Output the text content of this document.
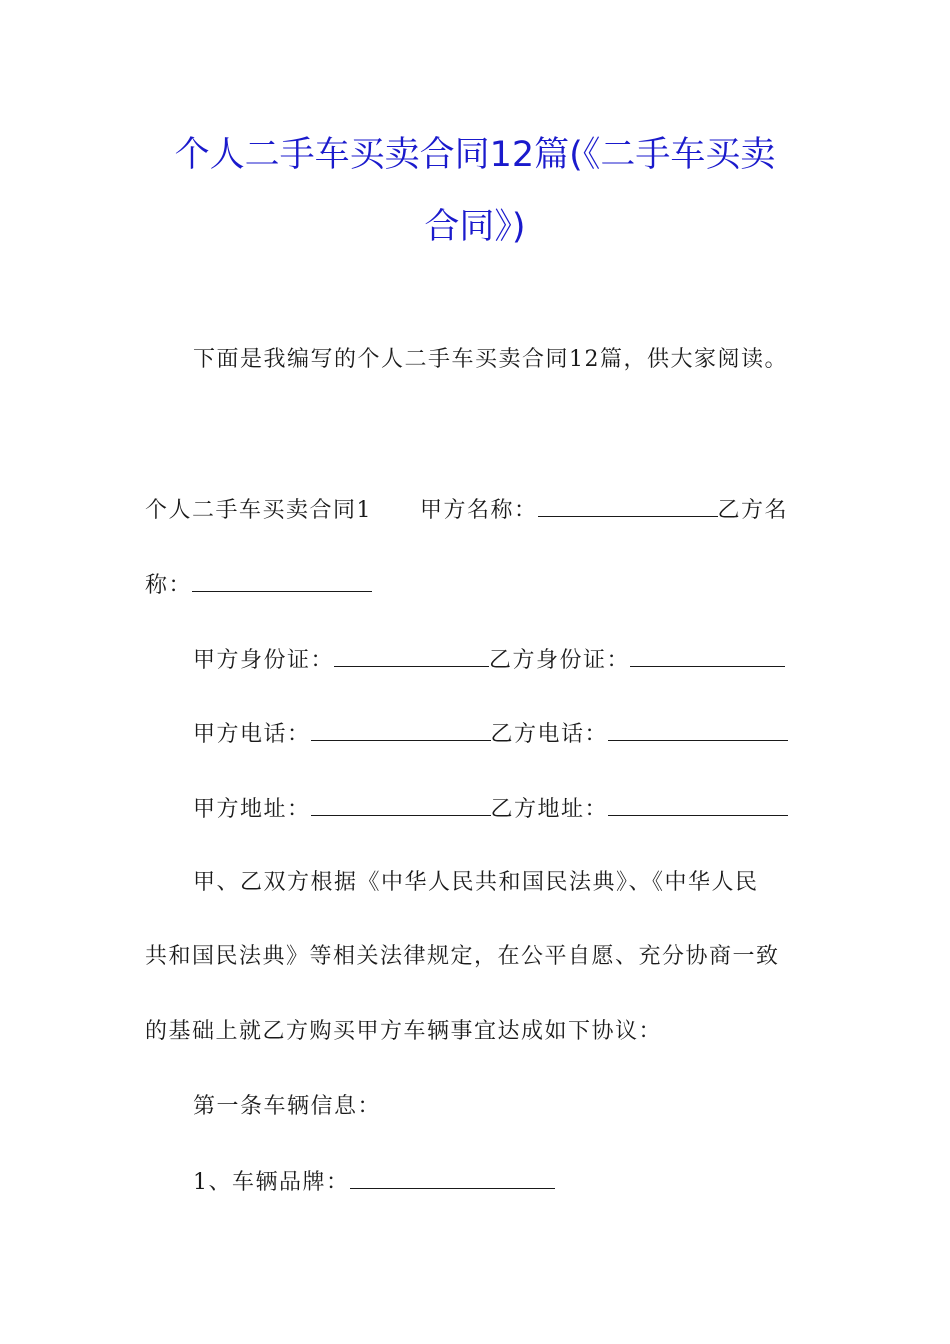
个人二手车买卖合同12篇(《二手车买卖
合同》)
下面是我编写的个人二手车买卖合同12篇，供大家阅读。
个人二手车买卖合同1 甲方名称：	乙方名
称：
甲方身份证：	乙方身份证：
甲方电话：	乙方电话：
甲方地址：	乙方地址：
甲、乙双方根据《中华人民共和国民法典》、《中华人民
共和国民法典》等相关法律规定，在公平自愿、充分协商一致
的基础上就乙方购买甲方车辆事宜达成如下协议：
第一条车辆信息：
1、车辆品牌：
